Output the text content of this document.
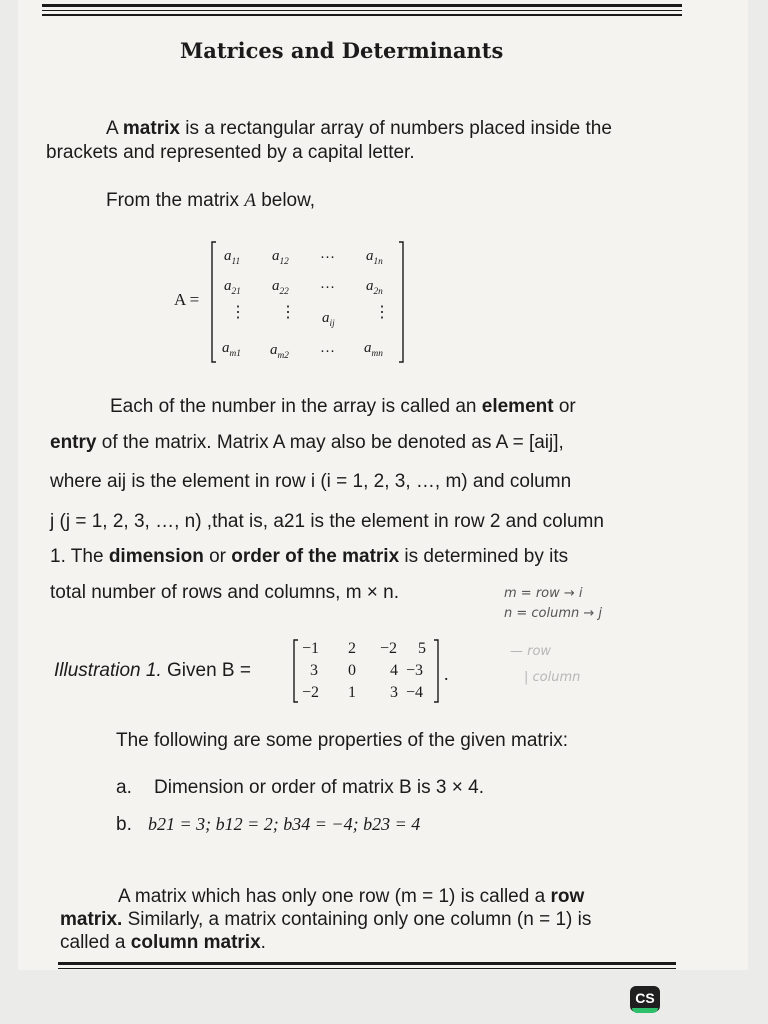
Matrices and Determinants
A matrix is a rectangular array of numbers placed inside the
brackets and represented by a capital letter.
From the matrix A below,
A =
$a_{11}$ $a_{12}$ … $a_{1n}$
$a_{21}$ $a_{22}$ … $a_{2n}$
⋮ ⋮ $a_{ij}$
⋮
$a_{m1}$ $a_{m2}$ … $a_{mn}$
Each of the number in the array is called an element or
entry of the matrix. Matrix A may also be denoted as A = [aij],
where aij is the element in row i (i = 1, 2, 3, …, m) and column
j (j = 1, 2, 3, …, n) ,that is, a21 is the element in row 2 and column
1. The dimension or order of the matrix is determined by its
total number of rows and columns, m × n.	m = row → i
n = column → j
— row
| column
Illustration 1. Given B =
−1 2 −2 5
3 0 4 −3
−2 1 3 −4
.
The following are some properties of the given matrix:
a. Dimension or order of matrix B is 3 × 4.
b. b21 = 3; b12 = 2; b34 = −4; b23 = 4
A matrix which has only one row (m = 1) is called a row
matrix. Similarly, a matrix containing only one column (n = 1) is
called a column matrix.
CS
